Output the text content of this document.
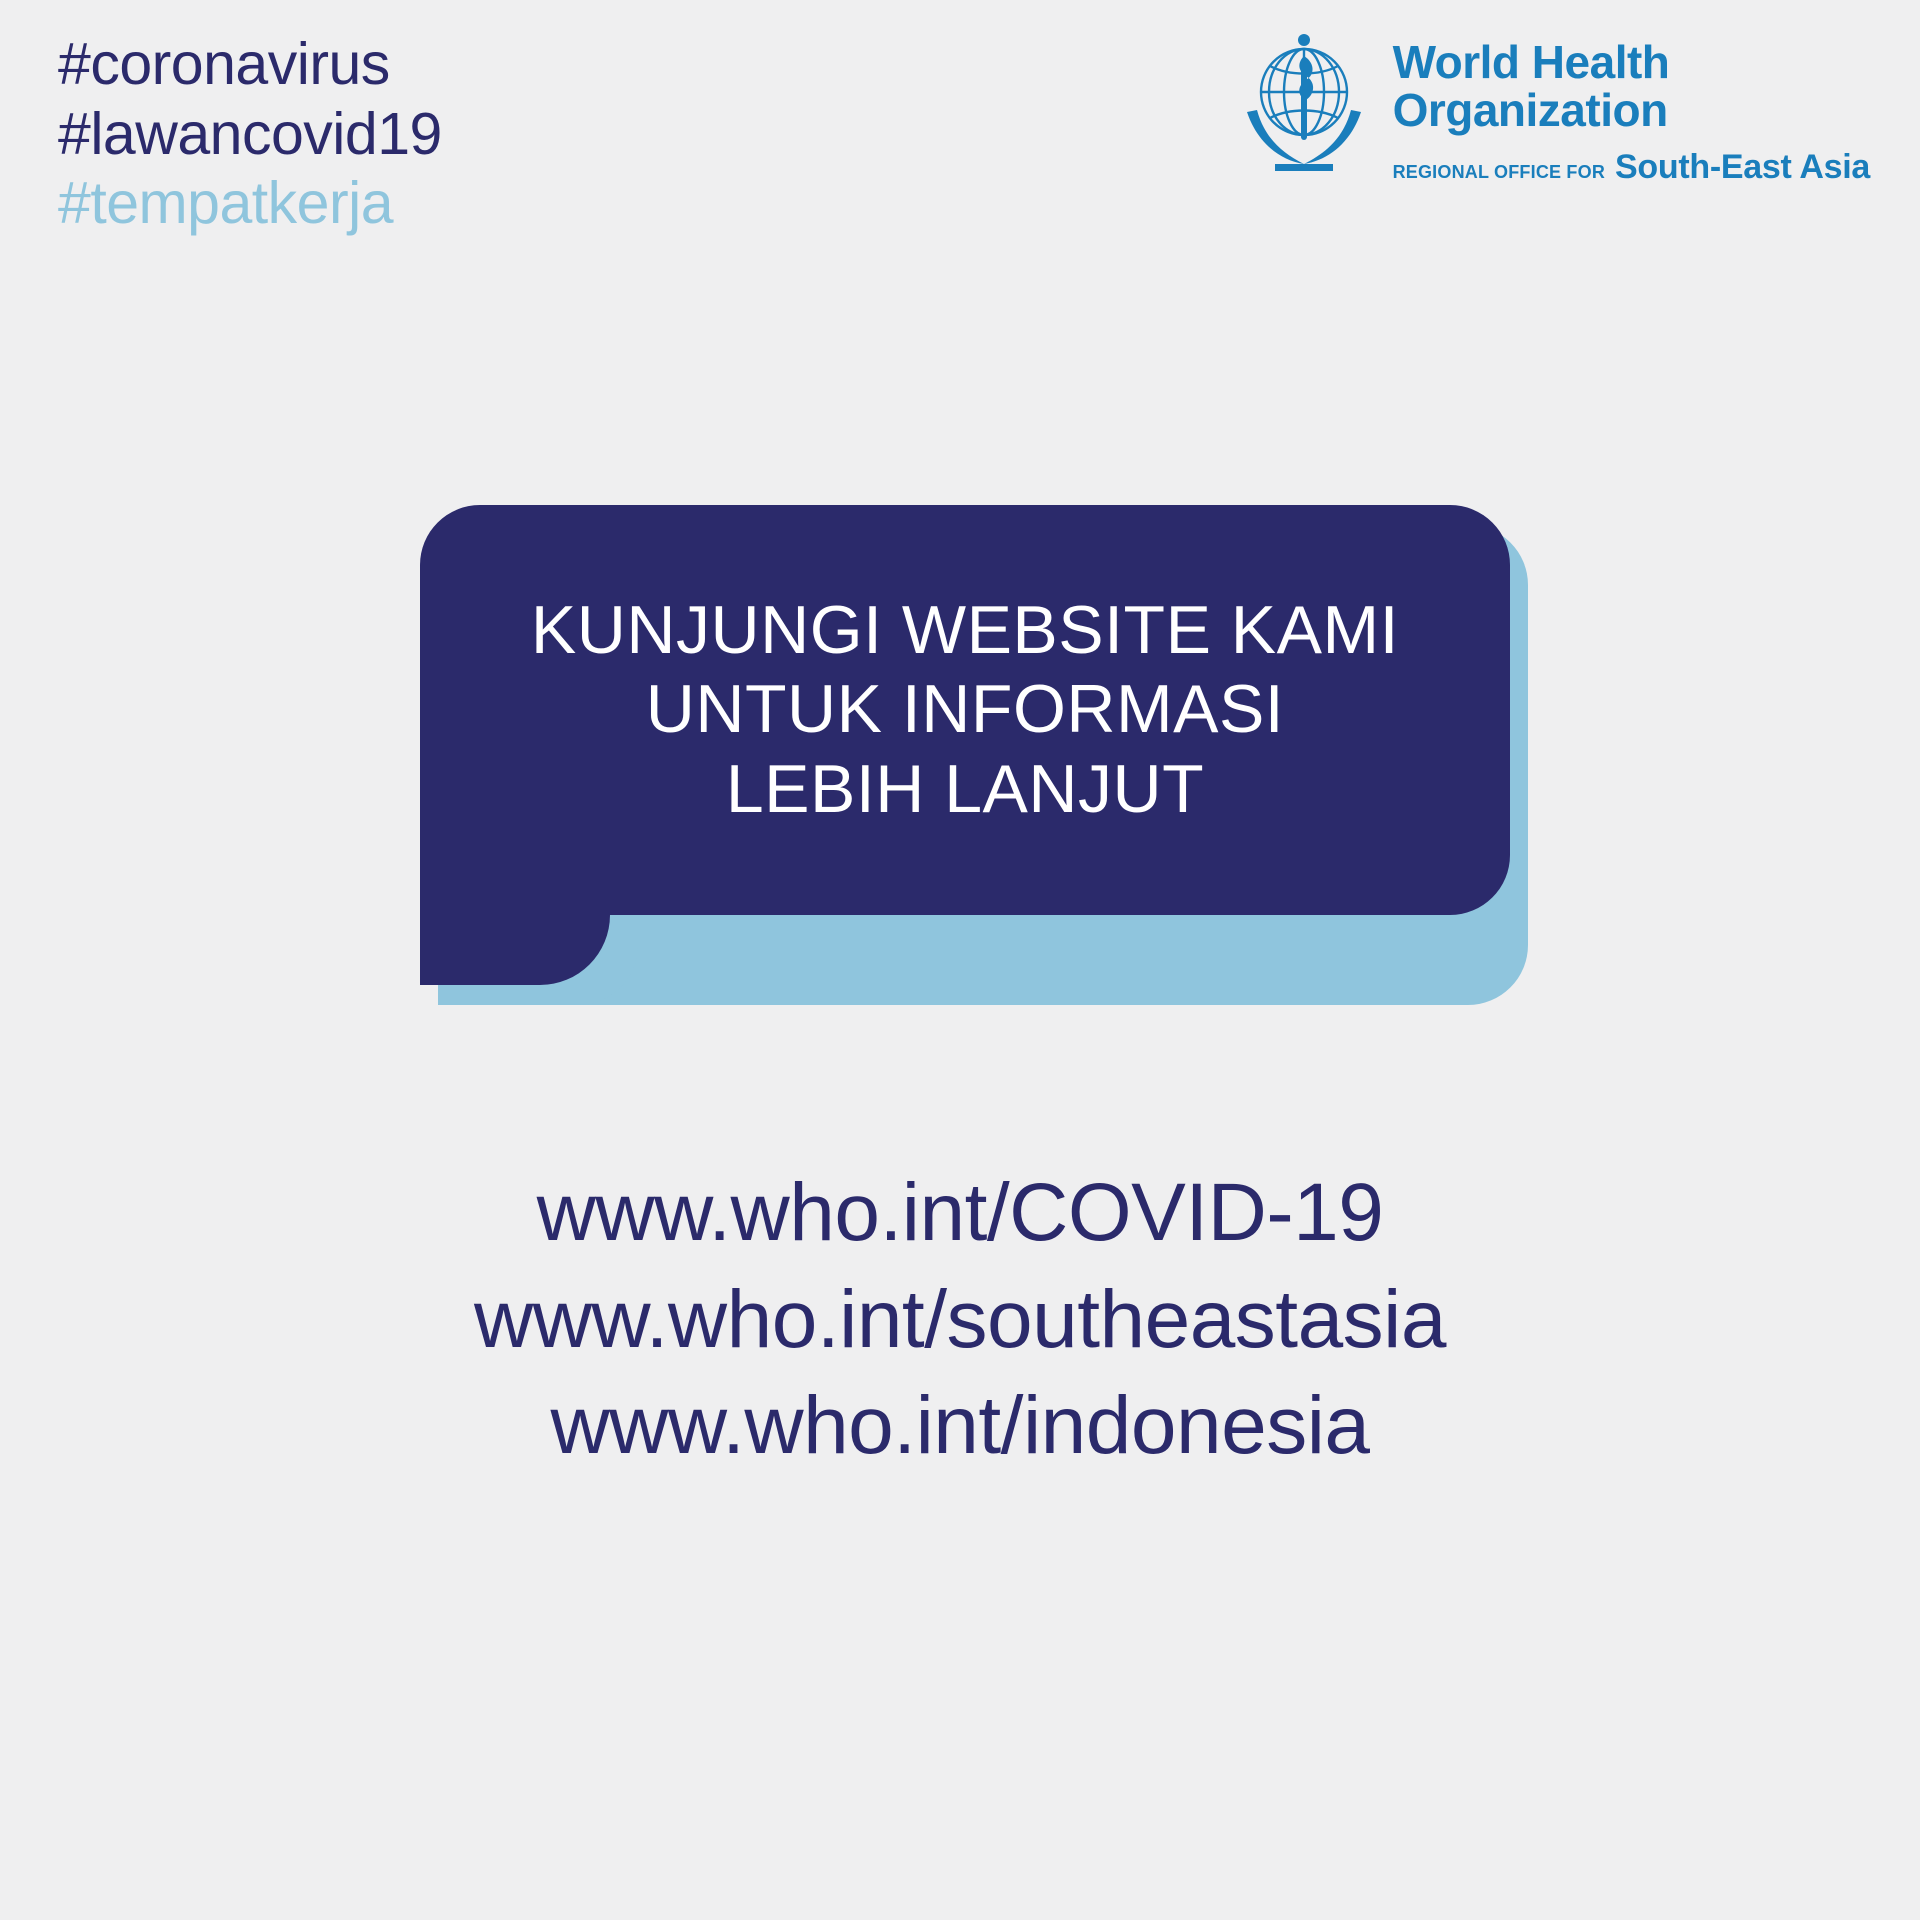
#coronavirus
#lawancovid19
#tempatkerja
World Health
Organization
REGIONAL OFFICE FOR South-East Asia
KUNJUNGI WEBSITE KAMI
UNTUK INFORMASI
LEBIH LANJUT
www.who.int/COVID-19
www.who.int/southeastasia
www.who.int/indonesia
